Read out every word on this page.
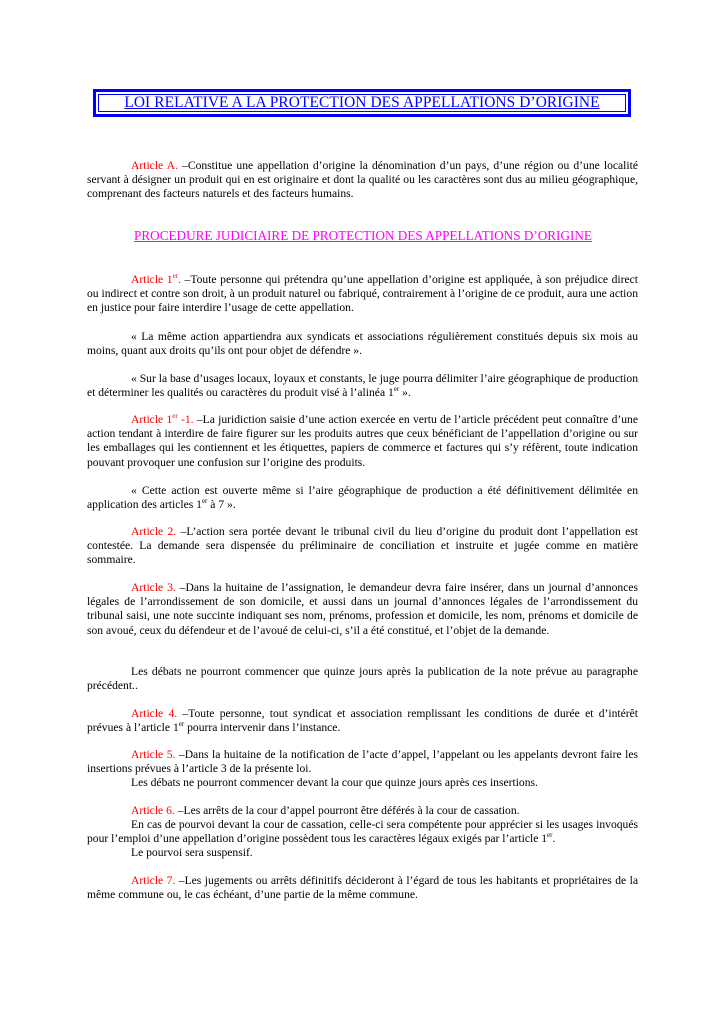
LOI RELATIVE A LA PROTECTION DES APPELLATIONS D’ORIGINE

Article A. –Constitue une appellation d’origine la dénomination d’un pays, d’une région ou d’une localité servant à désigner un produit qui en est originaire et dont la qualité ou les caractères sont dus au milieu géographique, comprenant des facteurs naturels et des facteurs humains.

PROCEDURE JUDICIAIRE DE PROTECTION DES APPELLATIONS D’ORIGINE

Article 1er. –Toute personne qui prétendra qu’une appellation d’origine est appliquée, à son préjudice direct ou indirect et contre son droit, à un produit naturel ou fabriqué, contrairement à l’origine de ce produit, aura une action en justice pour faire interdire l’usage de cette appellation.

« La même action appartiendra aux syndicats et associations régulièrement constitués depuis six mois au moins, quant aux droits qu’ils ont pour objet de défendre ».

« Sur la base d’usages locaux, loyaux et constants, le juge pourra délimiter l’aire géographique de production et déterminer les qualités ou caractères du produit visé à l’alinéa 1er ».

Article 1er -1. –La juridiction saisie d’une action exercée en vertu de l’article précédent peut connaître d’une action tendant à interdire de faire figurer sur les produits autres que ceux bénéficiant de l’appellation d’origine ou sur les emballages qui les contiennent et les étiquettes, papiers de commerce et factures qui s’y réfèrent, toute indication pouvant provoquer une confusion sur l’origine des produits.

« Cette action est ouverte même si l’aire géographique de production a été définitivement délimitée en application des articles 1er à 7 ».

Article 2. –L’action sera portée devant le tribunal civil du lieu d’origine du produit dont l’appellation est contestée. La demande sera dispensée du préliminaire de conciliation et instruite et jugée comme en matière sommaire.

Article 3. –Dans la huitaine de l’assignation, le demandeur devra faire insérer, dans un journal d’annonces légales de l’arrondissement de son domicile, et aussi dans un journal d’annonces légales de l’arrondissement du tribunal saisi, une note succinte indiquant ses nom, prénoms, profession et domicile, les nom, prénoms et domicile de son avoué, ceux du défendeur et de l’avoué de celui-ci, s’il a été constitué, et l’objet de la demande.

Les débats ne pourront commencer que quinze jours après la publication de la note prévue au paragraphe précédent..

Article 4. –Toute personne, tout syndicat et association remplissant les conditions de durée et d’intérêt prévues à l’article 1er pourra intervenir dans l’instance.

Article 5. –Dans la huitaine de la notification de l’acte d’appel, l’appelant ou les appelants devront faire les insertions prévues à l’article 3 de la présente loi.

Les débats ne pourront commencer devant la cour que quinze jours après ces insertions.

Article 6. –Les arrêts de la cour d’appel pourront être déférés à la cour de cassation.

En cas de pourvoi devant la cour de cassation, celle-ci sera compétente pour apprécier si les usages invoqués pour l’emploi d’une appellation d’origine possèdent tous les caractères légaux exigés par l’article 1er.

Le pourvoi sera suspensif.

Article 7. –Les jugements ou arrêts définitifs décideront à l’égard de tous les habitants et propriétaires de la même commune ou, le cas échéant, d’une partie de la même commune.
